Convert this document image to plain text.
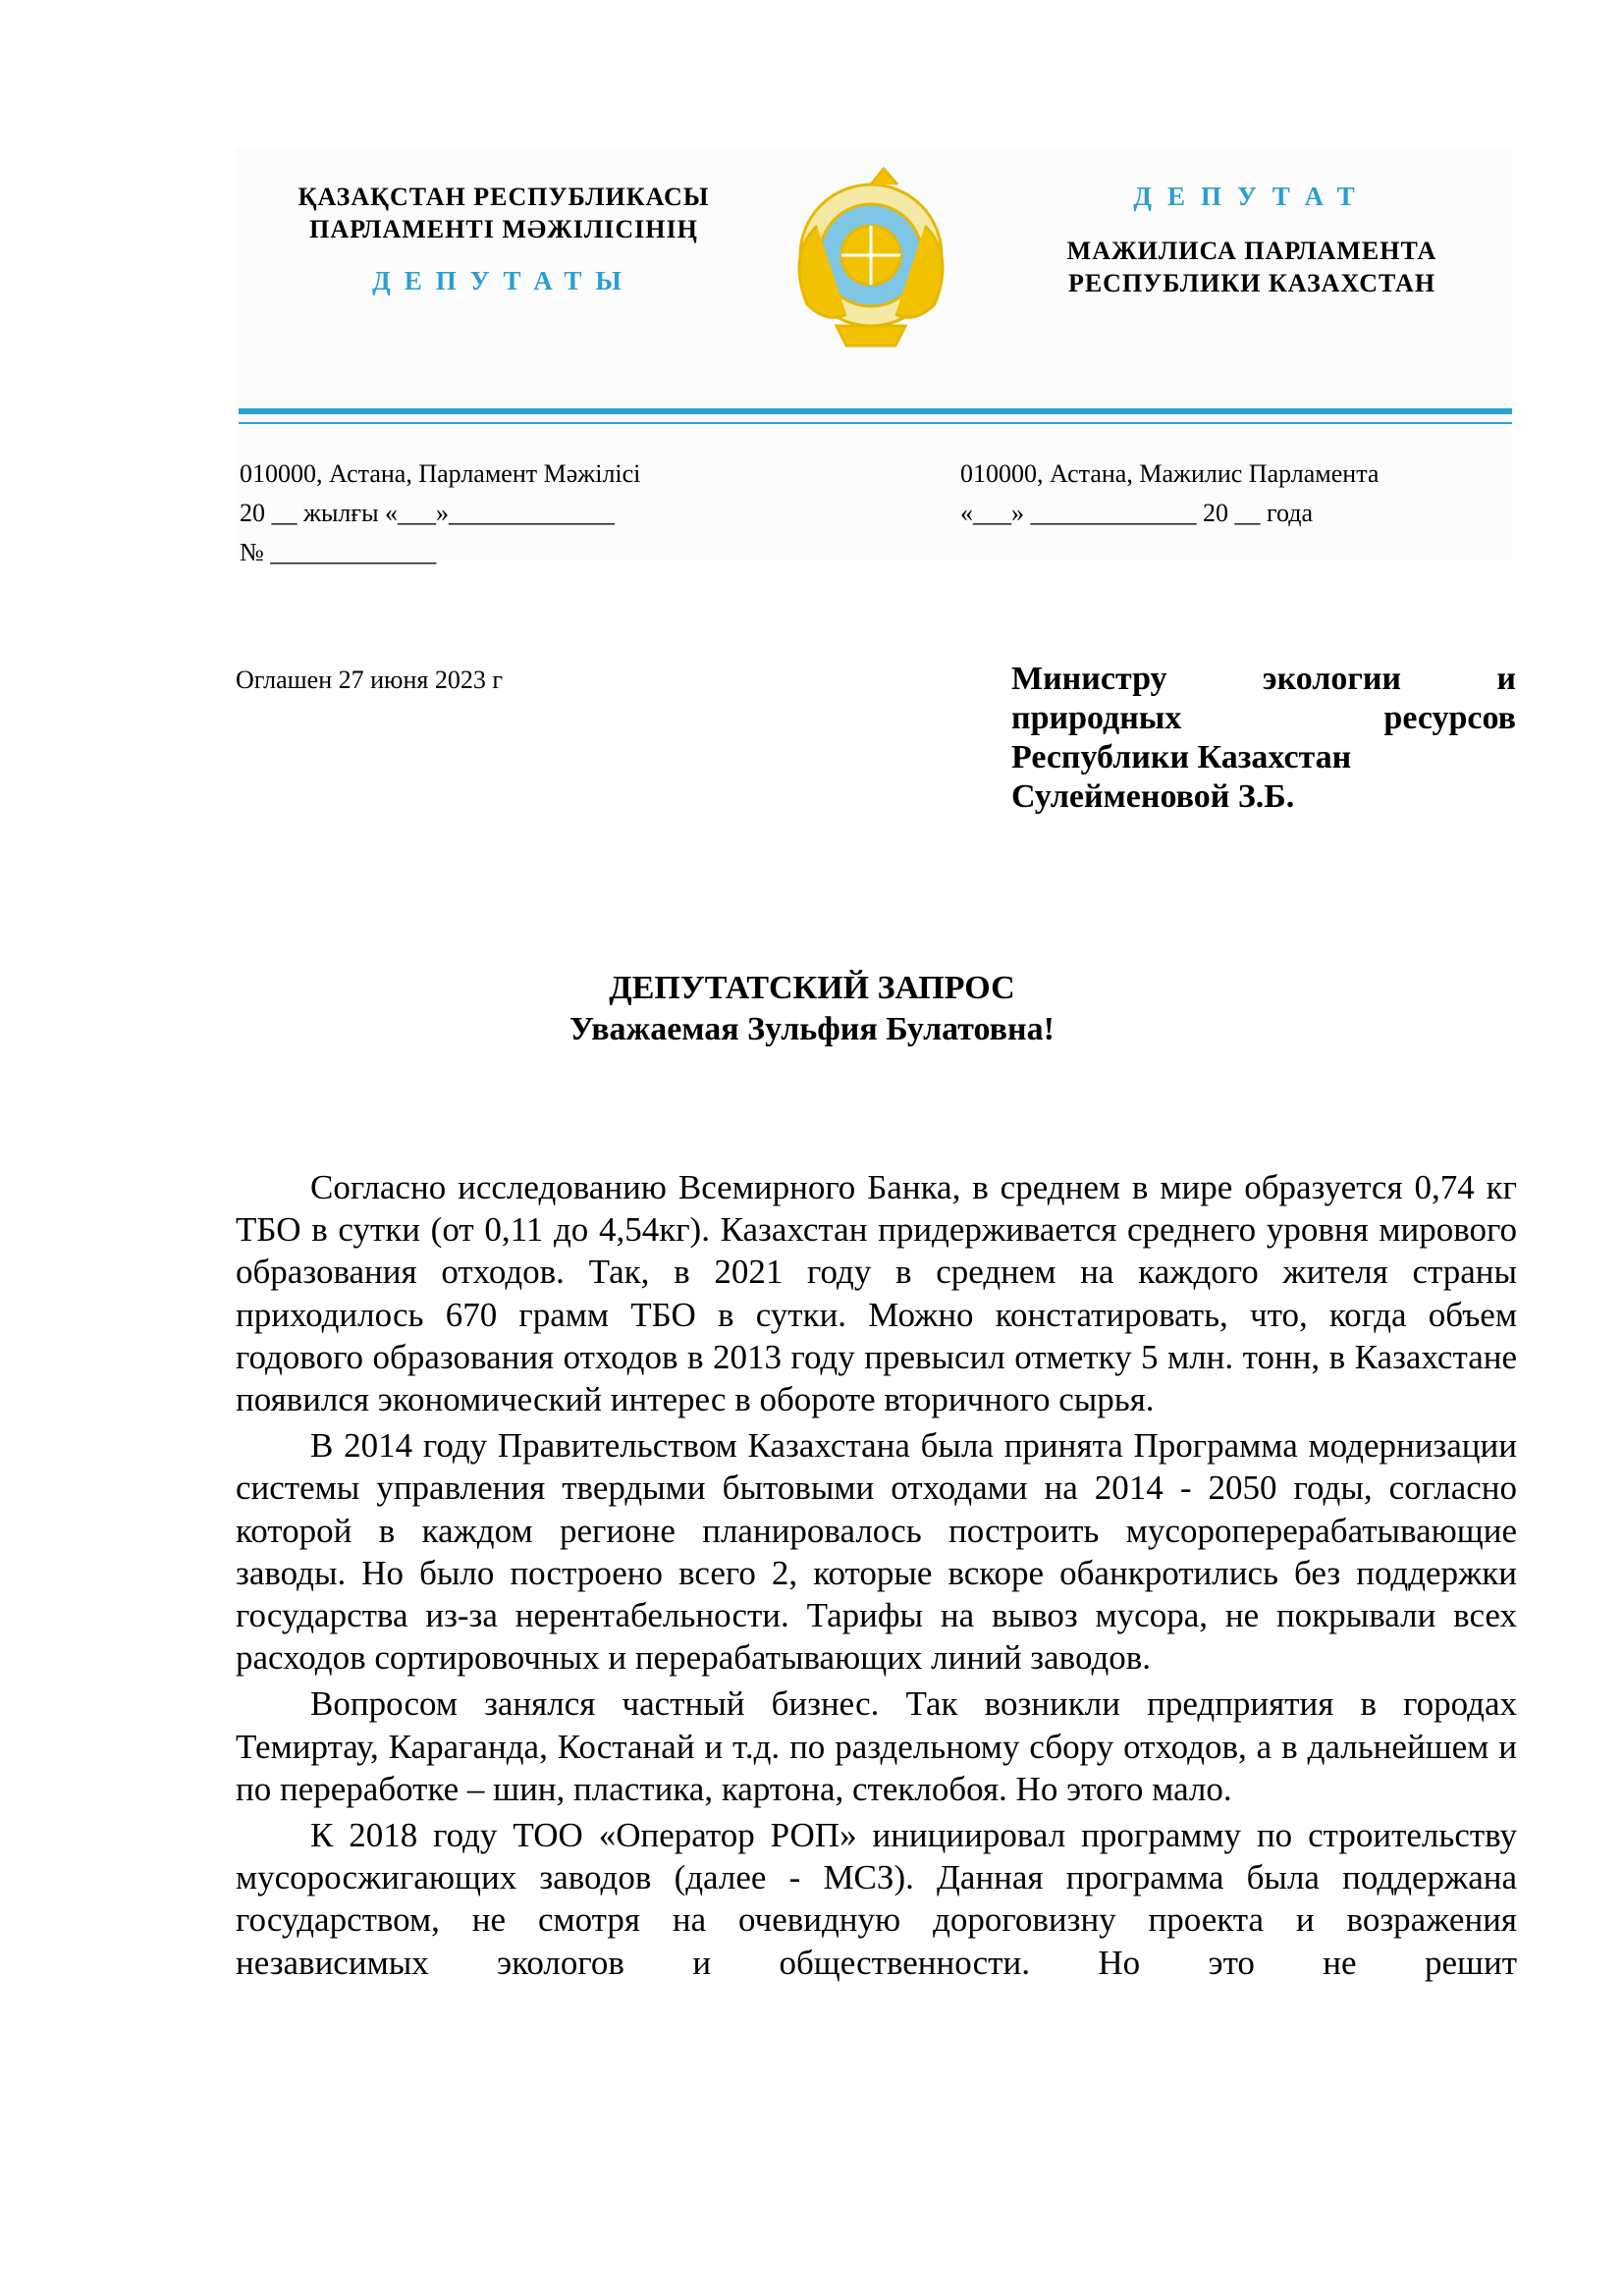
ҚАЗАҚСТАН РЕСПУБЛИКАСЫ
ПАРЛАМЕНТІ МӘЖІЛІСІНІҢ
ДЕПУТАТЫ
ДЕПУТАТ
МАЖИЛИСА ПАРЛАМЕНТА
РЕСПУБЛИКИ КАЗАХСТАН
010000, Астана, Парламент Мәжілісі
20 __ жылғы «___»_____________
№ _____________
010000, Астана, Мажилис Парламента
«___» _____________ 20 __ года
Оглашен 27 июня 2023 г	Министру экологии и
природных ресурсов
Республики Казахстан
Сулейменовой З.Б.
ДЕПУТАТСКИЙ ЗАПРОС
Уважаемая Зульфия Булатовна!

Согласно исследованию Всемирного Банка, в среднем в мире образуется 0,74 кг ТБО в сутки (от 0,11 до 4,54кг). Казахстан придерживается среднего уровня мирового образования отходов. Так, в 2021 году в среднем на каждого жителя страны приходилось 670 грамм ТБО в сутки. Можно констатировать, что, когда объем годового образования отходов в 2013 году превысил отметку 5 млн. тонн, в Казахстане появился экономический интерес в обороте вторичного сырья.

В 2014 году Правительством Казахстана была принята Программа модернизации системы управления твердыми бытовыми отходами на 2014 - 2050 годы, согласно которой в каждом регионе планировалось построить мусороперерабатывающие заводы. Но было построено всего 2, которые вскоре обанкротились без поддержки государства из-за нерентабельности. Тарифы на вывоз мусора, не покрывали всех расходов сортировочных и перерабатывающих линий заводов.

Вопросом занялся частный бизнес. Так возникли предприятия в городах Темиртау, Караганда, Костанай и т.д. по раздельному сбору отходов, а в дальнейшем и по переработке – шин, пластика, картона, стеклобоя. Но этого мало.

К 2018 году ТОО «Оператор РОП» инициировал программу по строительству мусоросжигающих заводов (далее - МСЗ). Данная программа была поддержана государством, не смотря на очевидную дороговизну проекта и возражения независимых экологов и общественности. Но это не решит
